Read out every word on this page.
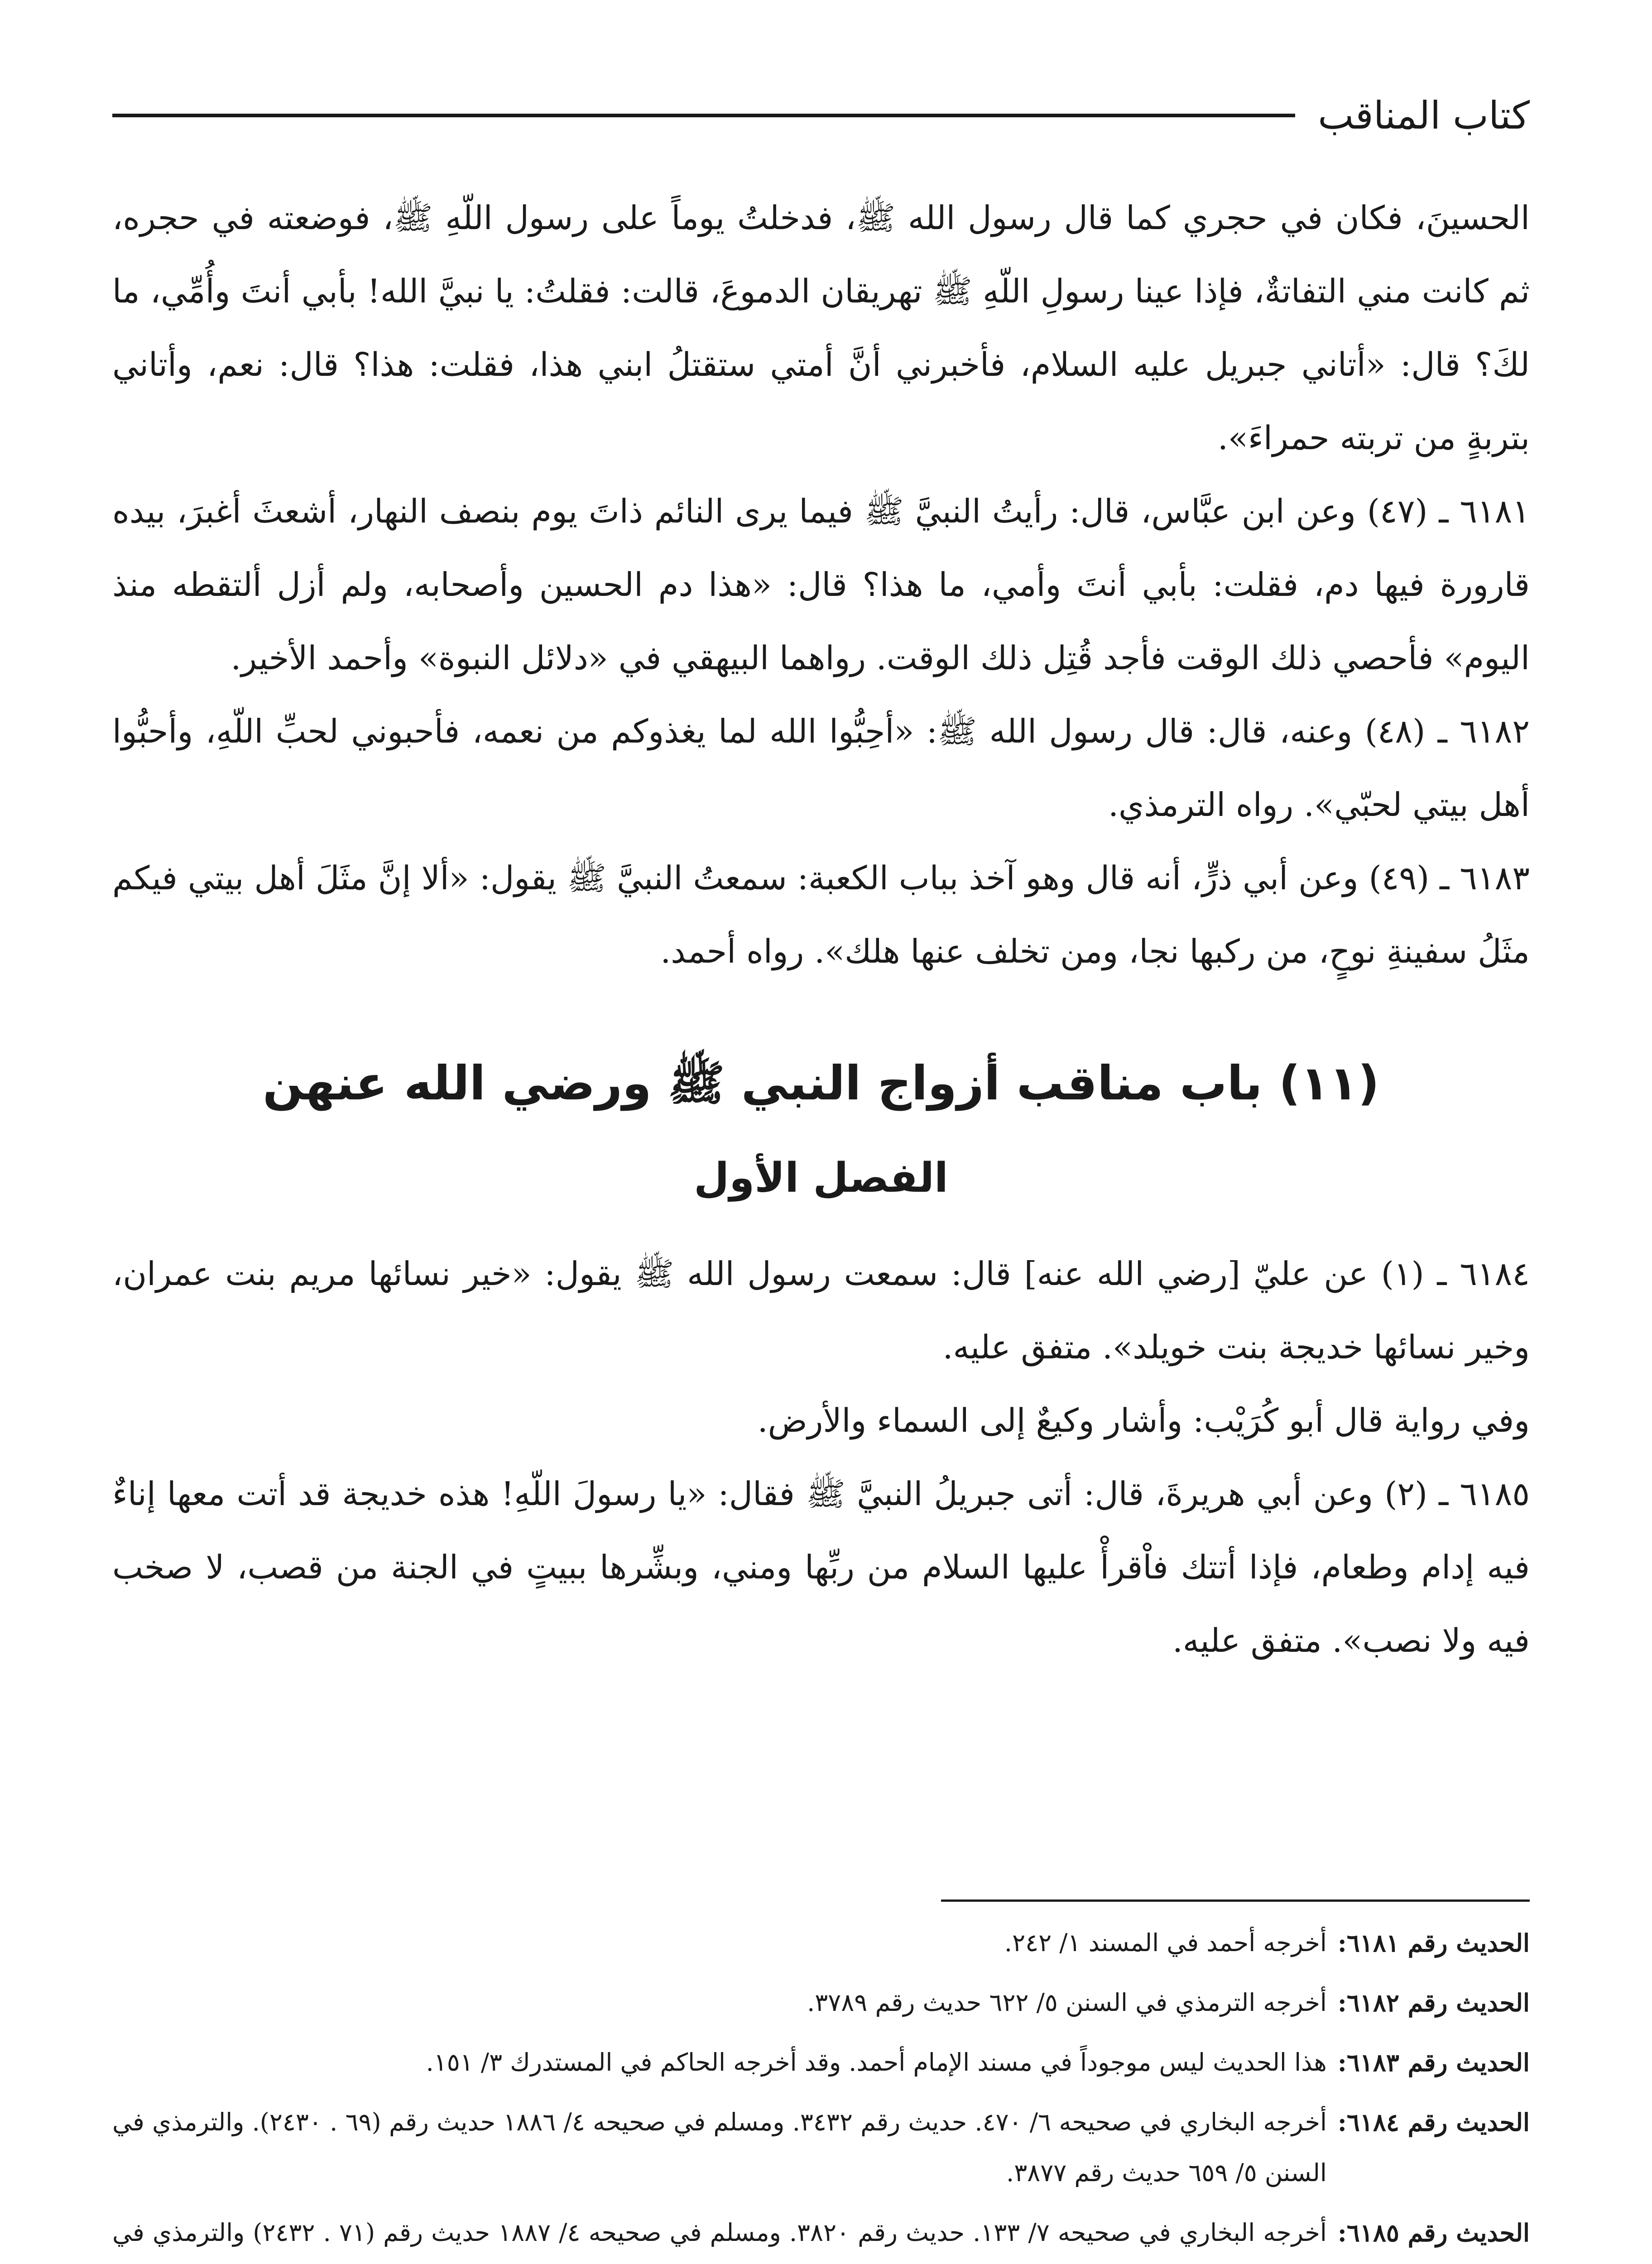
كتاب المناقب

الحسينَ، فكان في حجري كما قال رسول الله ﷺ، فدخلتُ يوماً على رسول اللّهِ ﷺ، فوضعته في حجره، ثم كانت مني التفاتةٌ، فإذا عينا رسولِ اللّهِ ﷺ تهريقان الدموعَ، قالت: فقلتُ: يا نبيَّ الله! بأبي أنتَ وأُمِّي، ما لكَ؟ قال: «أتاني جبريل عليه السلام، فأخبرني أنَّ أمتي ستقتلُ ابني هذا، فقلت: هذا؟ قال: نعم، وأتاني بتربةٍ من تربته حمراءَ».

٦١٨١ ـ (٤٧) وعن ابن عبَّاس، قال: رأيتُ النبيَّ ﷺ فيما يرى النائم ذاتَ يوم بنصف النهار، أشعثَ أغبرَ، بيده قارورة فيها دم، فقلت: بأبي أنتَ وأمي، ما هذا؟ قال: «هذا دم الحسين وأصحابه، ولم أزل ألتقطه منذ اليوم» فأحصي ذلك الوقت فأجد قُتِل ذلك الوقت. رواهما البيهقي في «دلائل النبوة» وأحمد الأخير.

٦١٨٢ ـ (٤٨) وعنه، قال: قال رسول الله ﷺ: «أحِبُّوا الله لما يغذوكم من نعمه، فأحبوني لحبِّ اللّهِ، وأحبُّوا أهل بيتي لحبّي». رواه الترمذي.

٦١٨٣ ـ (٤٩) وعن أبي ذرٍّ، أنه قال وهو آخذ بباب الكعبة: سمعتُ النبيَّ ﷺ يقول: «ألا إنَّ مثَلَ أهل بيتي فيكم مثَلُ سفينةِ نوحٍ، من ركبها نجا، ومن تخلف عنها هلك». رواه أحمد.

(١١) باب مناقب أزواج النبي ﷺ ورضي الله عنهن
الفصل الأول

٦١٨٤ ـ (١) عن عليّ [رضي الله عنه] قال: سمعت رسول الله ﷺ يقول: «خير نسائها مريم بنت عمران، وخير نسائها خديجة بنت خويلد». متفق عليه.

وفي رواية قال أبو كُرَيْب: وأشار وكيعٌ إلى السماء والأرض.

٦١٨٥ ـ (٢) وعن أبي هريرةَ، قال: أتى جبريلُ النبيَّ ﷺ فقال: «يا رسولَ اللّهِ! هذه خديجة قد أتت معها إناءٌ فيه إدام وطعام، فإذا أتتك فاْقرأْ عليها السلام من ربِّها ومني، وبشِّرها ببيتٍ في الجنة من قصب، لا صخب فيه ولا نصب». متفق عليه.

الحديث رقم ٦١٨١:
أخرجه أحمد في المسند ١/ ٢٤٢.
الحديث رقم ٦١٨٢:
أخرجه الترمذي في السنن ٥/ ٦٢٢ حديث رقم ٣٧٨٩.
الحديث رقم ٦١٨٣:
هذا الحديث ليس موجوداً في مسند الإمام أحمد. وقد أخرجه الحاكم في المستدرك ٣/ ١٥١.
الحديث رقم ٦١٨٤:
أخرجه البخاري في صحيحه ٦/ ٤٧٠. حديث رقم ٣٤٣٢. ومسلم في صحيحه ٤/ ١٨٨٦ حديث رقم (٦٩ . ٢٤٣٠). والترمذي في السنن ٥/ ٦٥٩ حديث رقم ٣٨٧٧.
الحديث رقم ٦١٨٥:
أخرجه البخاري في صحيحه ٧/ ١٣٣. حديث رقم ٣٨٢٠. ومسلم في صحيحه ٤/ ١٨٨٧ حديث رقم (٧١ . ٢٤٣٢) والترمذي في
